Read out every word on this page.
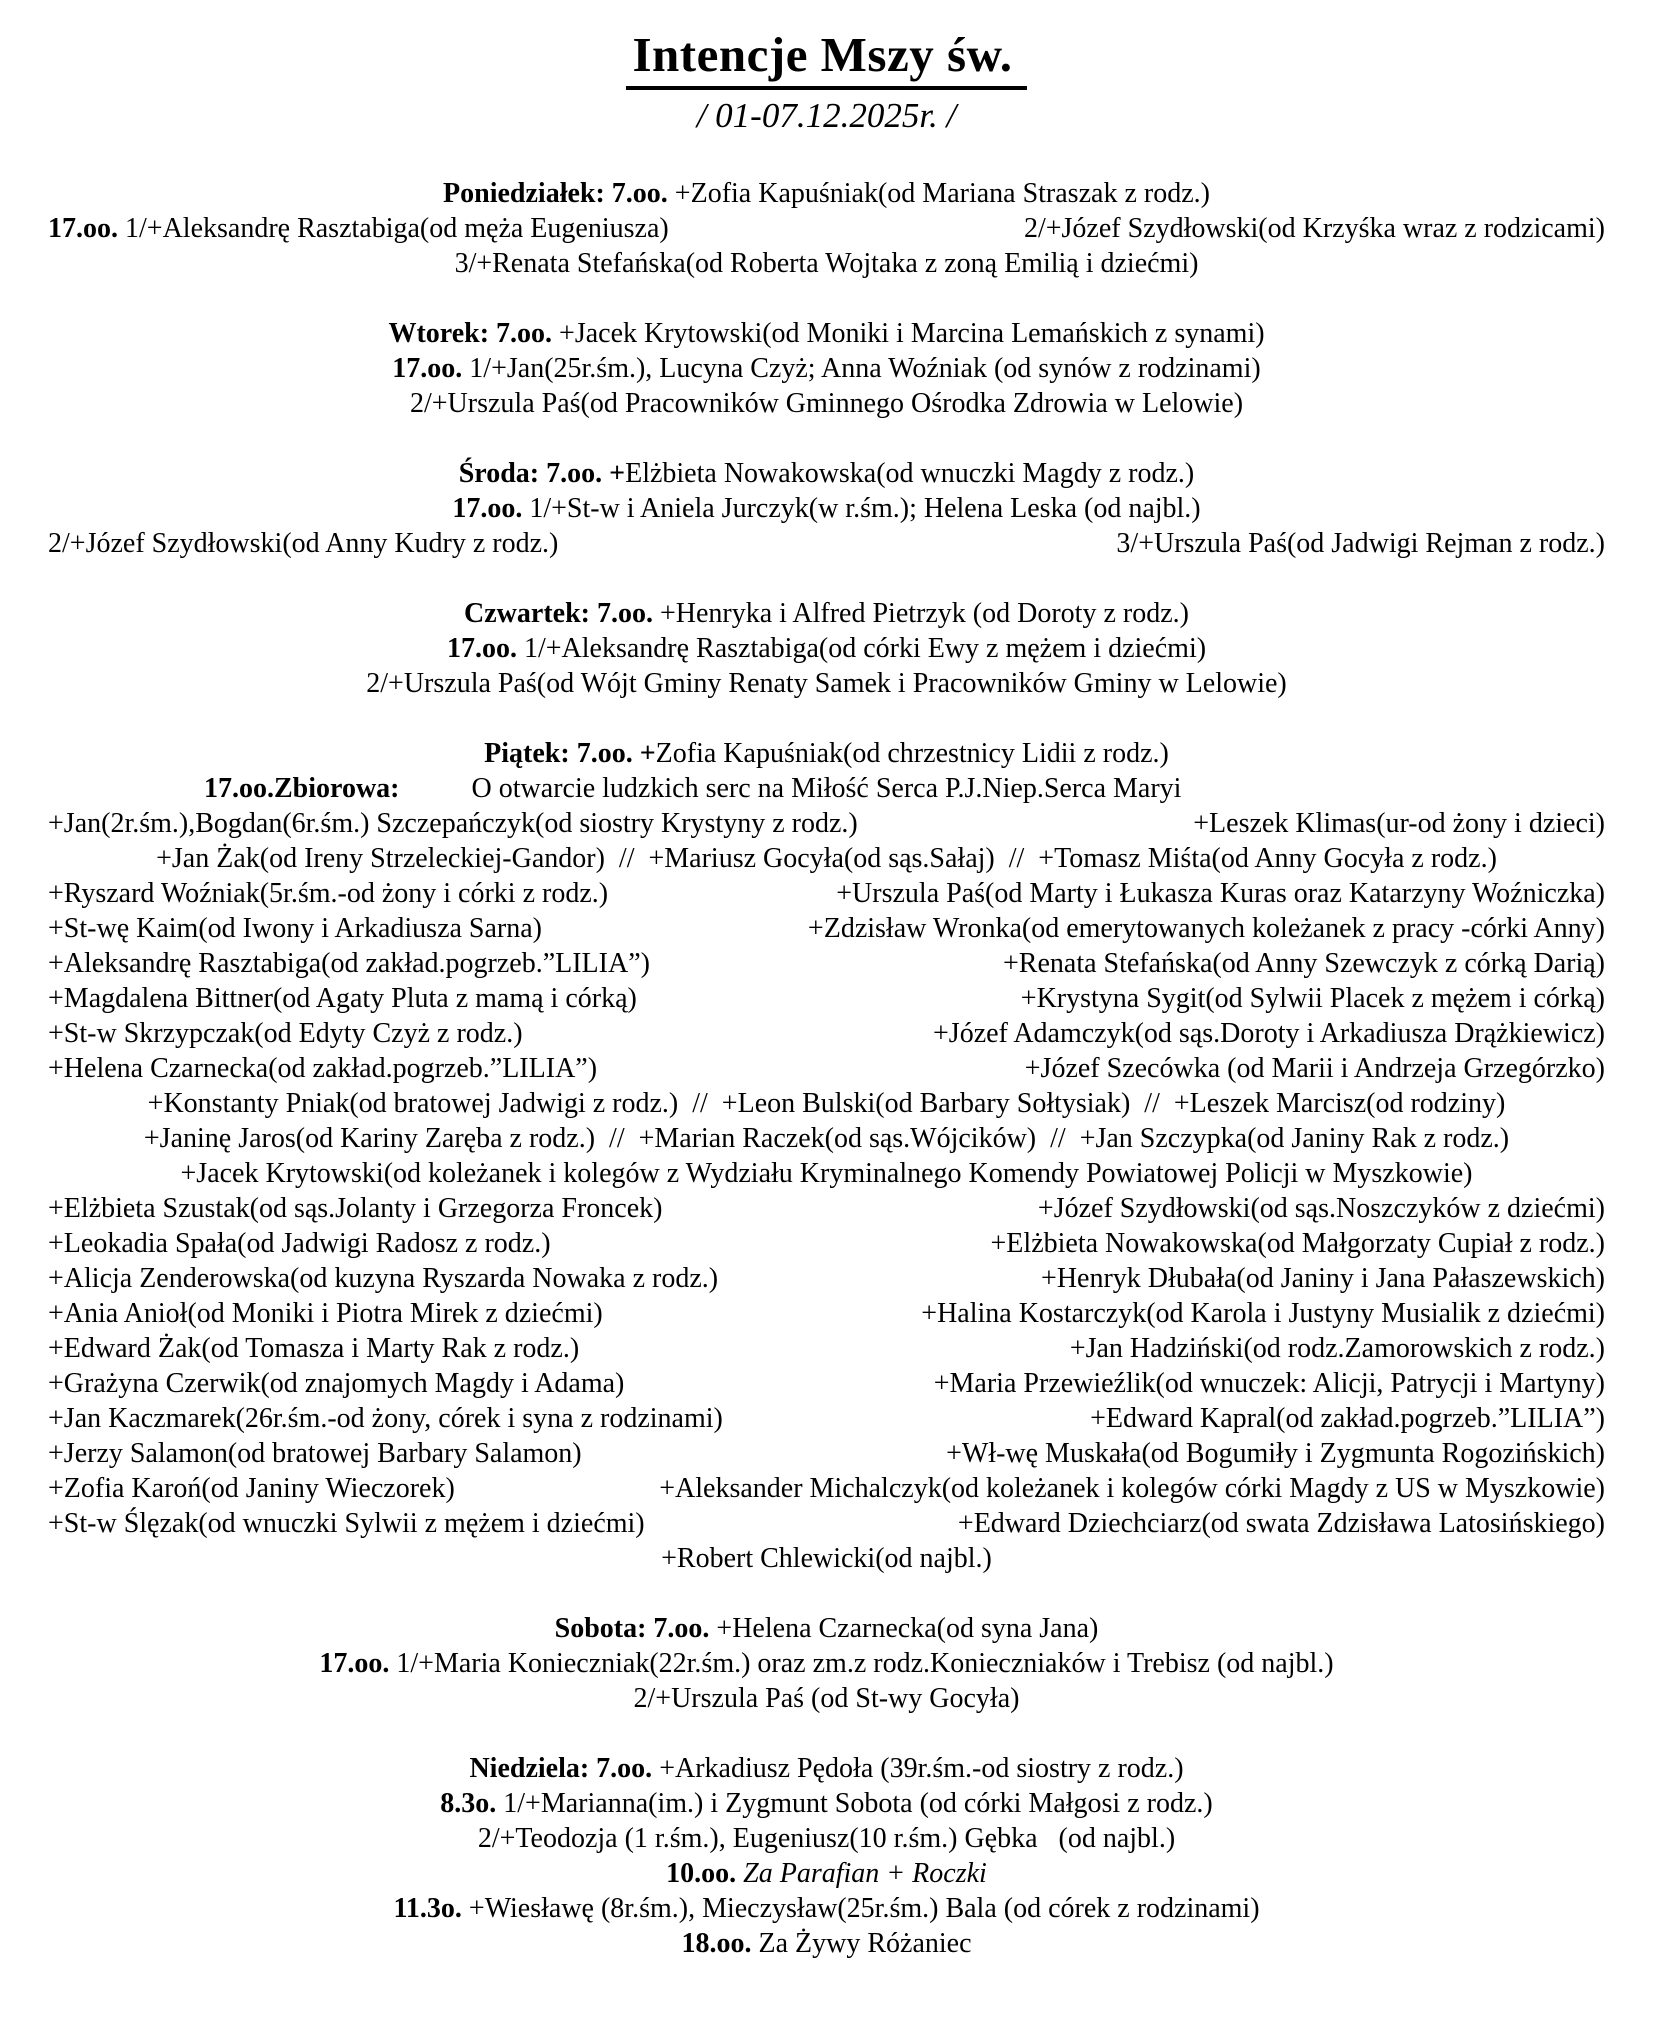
Intencje Mszy św.
/ 01-07.12.2025r. /
Poniedziałek: 7.oo. +Zofia Kapuśniak(od Mariana Straszak z rodz.)
17.oo. 1/+Aleksandrę Rasztabiga(od męża Eugeniusza)	2/+Józef Szydłowski(od Krzyśka wraz z rodzicami)
3/+Renata Stefańska(od Roberta Wojtaka z zoną Emilią i dziećmi)
Wtorek: 7.oo. +Jacek Krytowski(od Moniki i Marcina Lemańskich z synami)
17.oo. 1/+Jan(25r.śm.), Lucyna Czyż; Anna Woźniak (od synów z rodzinami)
2/+Urszula Paś(od Pracowników Gminnego Ośrodka Zdrowia w Lelowie)
Środa: 7.oo. +Elżbieta Nowakowska(od wnuczki Magdy z rodz.)
17.oo. 1/+St-w i Aniela Jurczyk(w r.śm.); Helena Leska (od najbl.)
2/+Józef Szydłowski(od Anny Kudry z rodz.)	3/+Urszula Paś(od Jadwigi Rejman z rodz.)
Czwartek: 7.oo. +Henryka i Alfred Pietrzyk (od Doroty z rodz.)
17.oo. 1/+Aleksandrę Rasztabiga(od córki Ewy z mężem i dziećmi)
2/+Urszula Paś(od Wójt Gminy Renaty Samek i Pracowników Gminy w Lelowie)
Piątek: 7.oo. +Zofia Kapuśniak(od chrzestnicy Lidii z rodz.)
17.oo.Zbiorowa:	O otwarcie ludzkich serc na Miłość Serca P.J.Niep.Serca Maryi
+Jan(2r.śm.),Bogdan(6r.śm.) Szczepańczyk(od siostry Krystyny z rodz.)	+Leszek Klimas(ur-od żony i dzieci)
+Jan Żak(od Ireny Strzeleckiej-Gandor)  //  +Mariusz Gocyła(od sąs.Sałaj)  //  +Tomasz Miśta(od Anny Gocyła z rodz.)
+Ryszard Woźniak(5r.śm.-od żony i córki z rodz.)	+Urszula Paś(od Marty i Łukasza Kuras oraz Katarzyny Woźniczka)
+St-wę Kaim(od Iwony i Arkadiusza Sarna)	+Zdzisław Wronka(od emerytowanych koleżanek z pracy -córki Anny)
+Aleksandrę Rasztabiga(od zakład.pogrzeb.”LILIA”)	+Renata Stefańska(od Anny Szewczyk z córką Darią)
+Magdalena Bittner(od Agaty Pluta z mamą i córką)	+Krystyna Sygit(od Sylwii Placek z mężem i córką)
+St-w Skrzypczak(od Edyty Czyż z rodz.)	+Józef Adamczyk(od sąs.Doroty i Arkadiusza Drążkiewicz)
+Helena Czarnecka(od zakład.pogrzeb.”LILIA”)	+Józef Szecówka (od Marii i Andrzeja Grzegórzko)
+Konstanty Pniak(od bratowej Jadwigi z rodz.)  //  +Leon Bulski(od Barbary Sołtysiak)  //  +Leszek Marcisz(od rodziny)
+Janinę Jaros(od Kariny Zaręba z rodz.)  //  +Marian Raczek(od sąs.Wójcików)  //  +Jan Szczypka(od Janiny Rak z rodz.)
+Jacek Krytowski(od koleżanek i kolegów z Wydziału Kryminalnego Komendy Powiatowej Policji w Myszkowie)
+Elżbieta Szustak(od sąs.Jolanty i Grzegorza Froncek)	+Józef Szydłowski(od sąs.Noszczyków z dziećmi)
+Leokadia Spała(od Jadwigi Radosz z rodz.)	+Elżbieta Nowakowska(od Małgorzaty Cupiał z rodz.)
+Alicja Zenderowska(od kuzyna Ryszarda Nowaka z rodz.)	+Henryk Dłubała(od Janiny i Jana Pałaszewskich)
+Ania Anioł(od Moniki i Piotra Mirek z dziećmi)	+Halina Kostarczyk(od Karola i Justyny Musialik z dziećmi)
+Edward Żak(od Tomasza i Marty Rak z rodz.)	+Jan Hadziński(od rodz.Zamorowskich z rodz.)
+Grażyna Czerwik(od znajomych Magdy i Adama)	+Maria Przewieźlik(od wnuczek: Alicji, Patrycji i Martyny)
+Jan Kaczmarek(26r.śm.-od żony, córek i syna z rodzinami)	+Edward Kapral(od zakład.pogrzeb.”LILIA”)
+Jerzy Salamon(od bratowej Barbary Salamon)	+Wł-wę Muskała(od Bogumiły i Zygmunta Rogozińskich)
+Zofia Karoń(od Janiny Wieczorek)	+Aleksander Michalczyk(od koleżanek i kolegów córki Magdy z US w Myszkowie)
+St-w Ślęzak(od wnuczki Sylwii z mężem i dziećmi)	+Edward Dziechciarz(od swata Zdzisława Latosińskiego)
+Robert Chlewicki(od najbl.)
Sobota: 7.oo. +Helena Czarnecka(od syna Jana)
17.oo. 1/+Maria Konieczniak(22r.śm.) oraz zm.z rodz.Konieczniaków i Trebisz (od najbl.)
2/+Urszula Paś (od St-wy Gocyła)
Niedziela: 7.oo. +Arkadiusz Pędoła (39r.śm.-od siostry z rodz.)
8.3o. 1/+Marianna(im.) i Zygmunt Sobota (od córki Małgosi z rodz.)
2/+Teodozja (1 r.śm.), Eugeniusz(10 r.śm.) Gębka   (od najbl.)
10.oo. Za Parafian + Roczki
11.3o. +Wiesławę (8r.śm.), Mieczysław(25r.śm.) Bala (od córek z rodzinami)
18.oo. Za Żywy Różaniec
